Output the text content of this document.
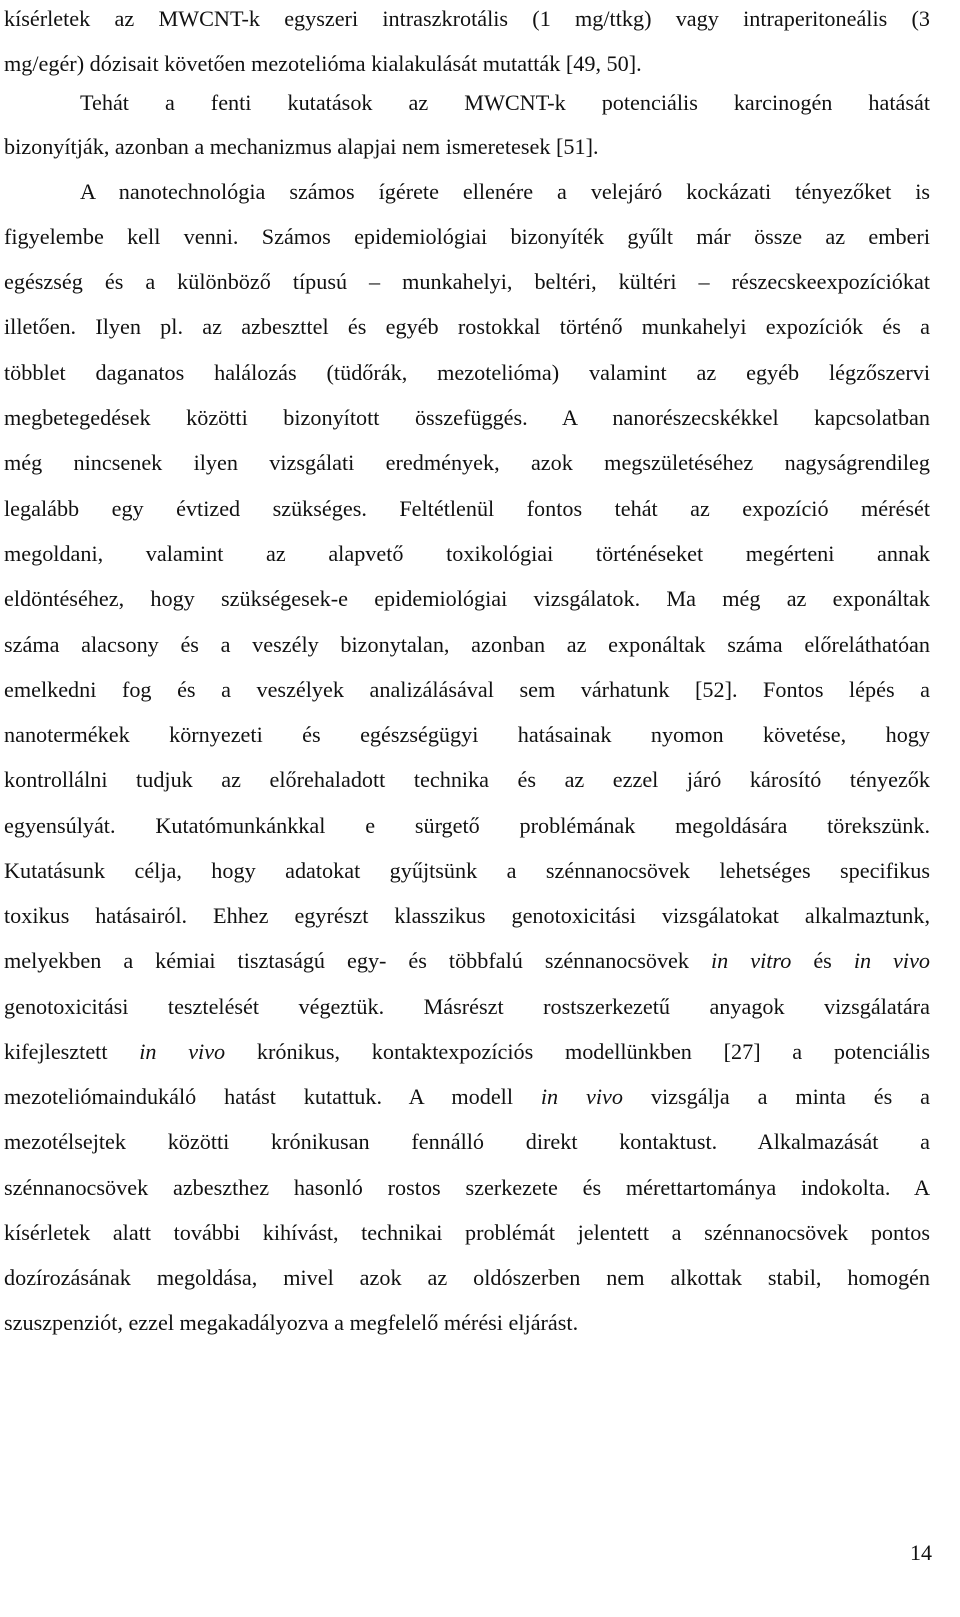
kísérletek az MWCNT-k egyszeri intraszkrotális (1 mg/ttkg) vagy intraperitoneális (3
mg/egér) dózisait követően mezotelióma kialakulását mutatták [49, 50].
Tehát a fenti kutatások az MWCNT-k potenciális karcinogén hatását
bizonyítják, azonban a mechanizmus alapjai nem ismeretesek [51].
A nanotechnológia számos ígérete ellenére a velejáró kockázati tényezőket is
figyelembe kell venni. Számos epidemiológiai bizonyíték gyűlt már össze az emberi
egészség és a különböző típusú – munkahelyi, beltéri, kültéri – részecskeexpozíciókat
illetően. Ilyen pl. az azbeszttel és egyéb rostokkal történő munkahelyi expozíciók és a
többlet daganatos halálozás (tüdőrák, mezotelióma) valamint az egyéb légzőszervi
megbetegedések közötti bizonyított összefüggés. A nanorészecskékkel kapcsolatban
még nincsenek ilyen vizsgálati eredmények, azok megszületéséhez nagyságrendileg
legalább egy évtized szükséges. Feltétlenül fontos tehát az expozíció mérését
megoldani, valamint az alapvető toxikológiai történéseket megérteni annak
eldöntéséhez, hogy szükségesek-e epidemiológiai vizsgálatok. Ma még az exponáltak
száma alacsony és a veszély bizonytalan, azonban az exponáltak száma előreláthatóan
emelkedni fog és a veszélyek analizálásával sem várhatunk [52]. Fontos lépés a
nanotermékek környezeti és egészségügyi hatásainak nyomon követése, hogy
kontrollálni tudjuk az előrehaladott technika és az ezzel járó károsító tényezők
egyensúlyát. Kutatómunkánkkal e sürgető problémának megoldására törekszünk.
Kutatásunk célja, hogy adatokat gyűjtsünk a szénnanocsövek lehetséges specifikus
toxikus hatásairól. Ehhez egyrészt klasszikus genotoxicitási vizsgálatokat alkalmaztunk,
melyekben a kémiai tisztaságú egy- és többfalú szénnanocsövek in vitro és in vivo
genotoxicitási tesztelését végeztük. Másrészt rostszerkezetű anyagok vizsgálatára
kifejlesztett in vivo krónikus, kontaktexpozíciós modellünkben [27] a potenciális
mezoteliómaindukáló hatást kutattuk. A modell in vivo vizsgálja a minta és a
mezotélsejtek közötti krónikusan fennálló direkt kontaktust. Alkalmazását a
szénnanocsövek azbeszthez hasonló rostos szerkezete és mérettartománya indokolta. A
kísérletek alatt további kihívást, technikai problémát jelentett a szénnanocsövek pontos
dozírozásának megoldása, mivel azok az oldószerben nem alkottak stabil, homogén
szuszpenziót, ezzel megakadályozva a megfelelő mérési eljárást.
14
